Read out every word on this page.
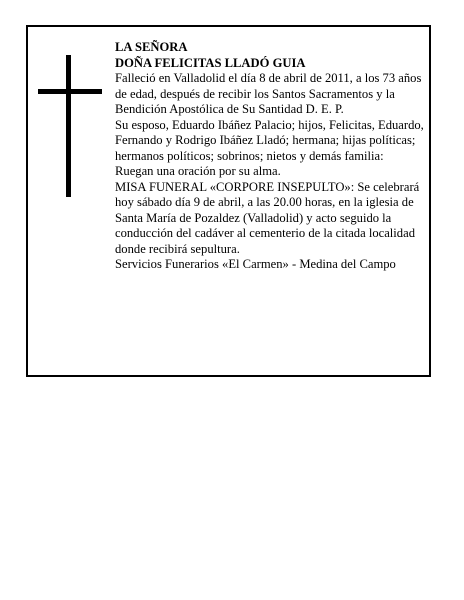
LA SEÑORA

DOÑA FELICITAS LLADÓ GUIA

Falleció en Valladolid el día 8 de abril de 2011, a los 73 años de edad, después de recibir los Santos Sacramentos y la Bendición Apostólica de Su Santidad D. E. P.

Su esposo, Eduardo Ibáñez Palacio; hijos, Felicitas, Eduardo, Fernando y Rodrigo Ibáñez Lladó; hermana; hijas políticas; hermanos políticos; sobrinos; nietos y demás familia:

Ruegan una oración por su alma.

MISA FUNERAL «CORPORE INSEPULTO»: Se celebrará hoy sábado día 9 de abril, a las 20.00 horas, en la iglesia de Santa María de Pozaldez (Valladolid) y acto seguido la conducción del cadáver al cementerio de la citada localidad donde recibirá sepultura.

Servicios Funerarios «El Carmen» - Medina del Campo
